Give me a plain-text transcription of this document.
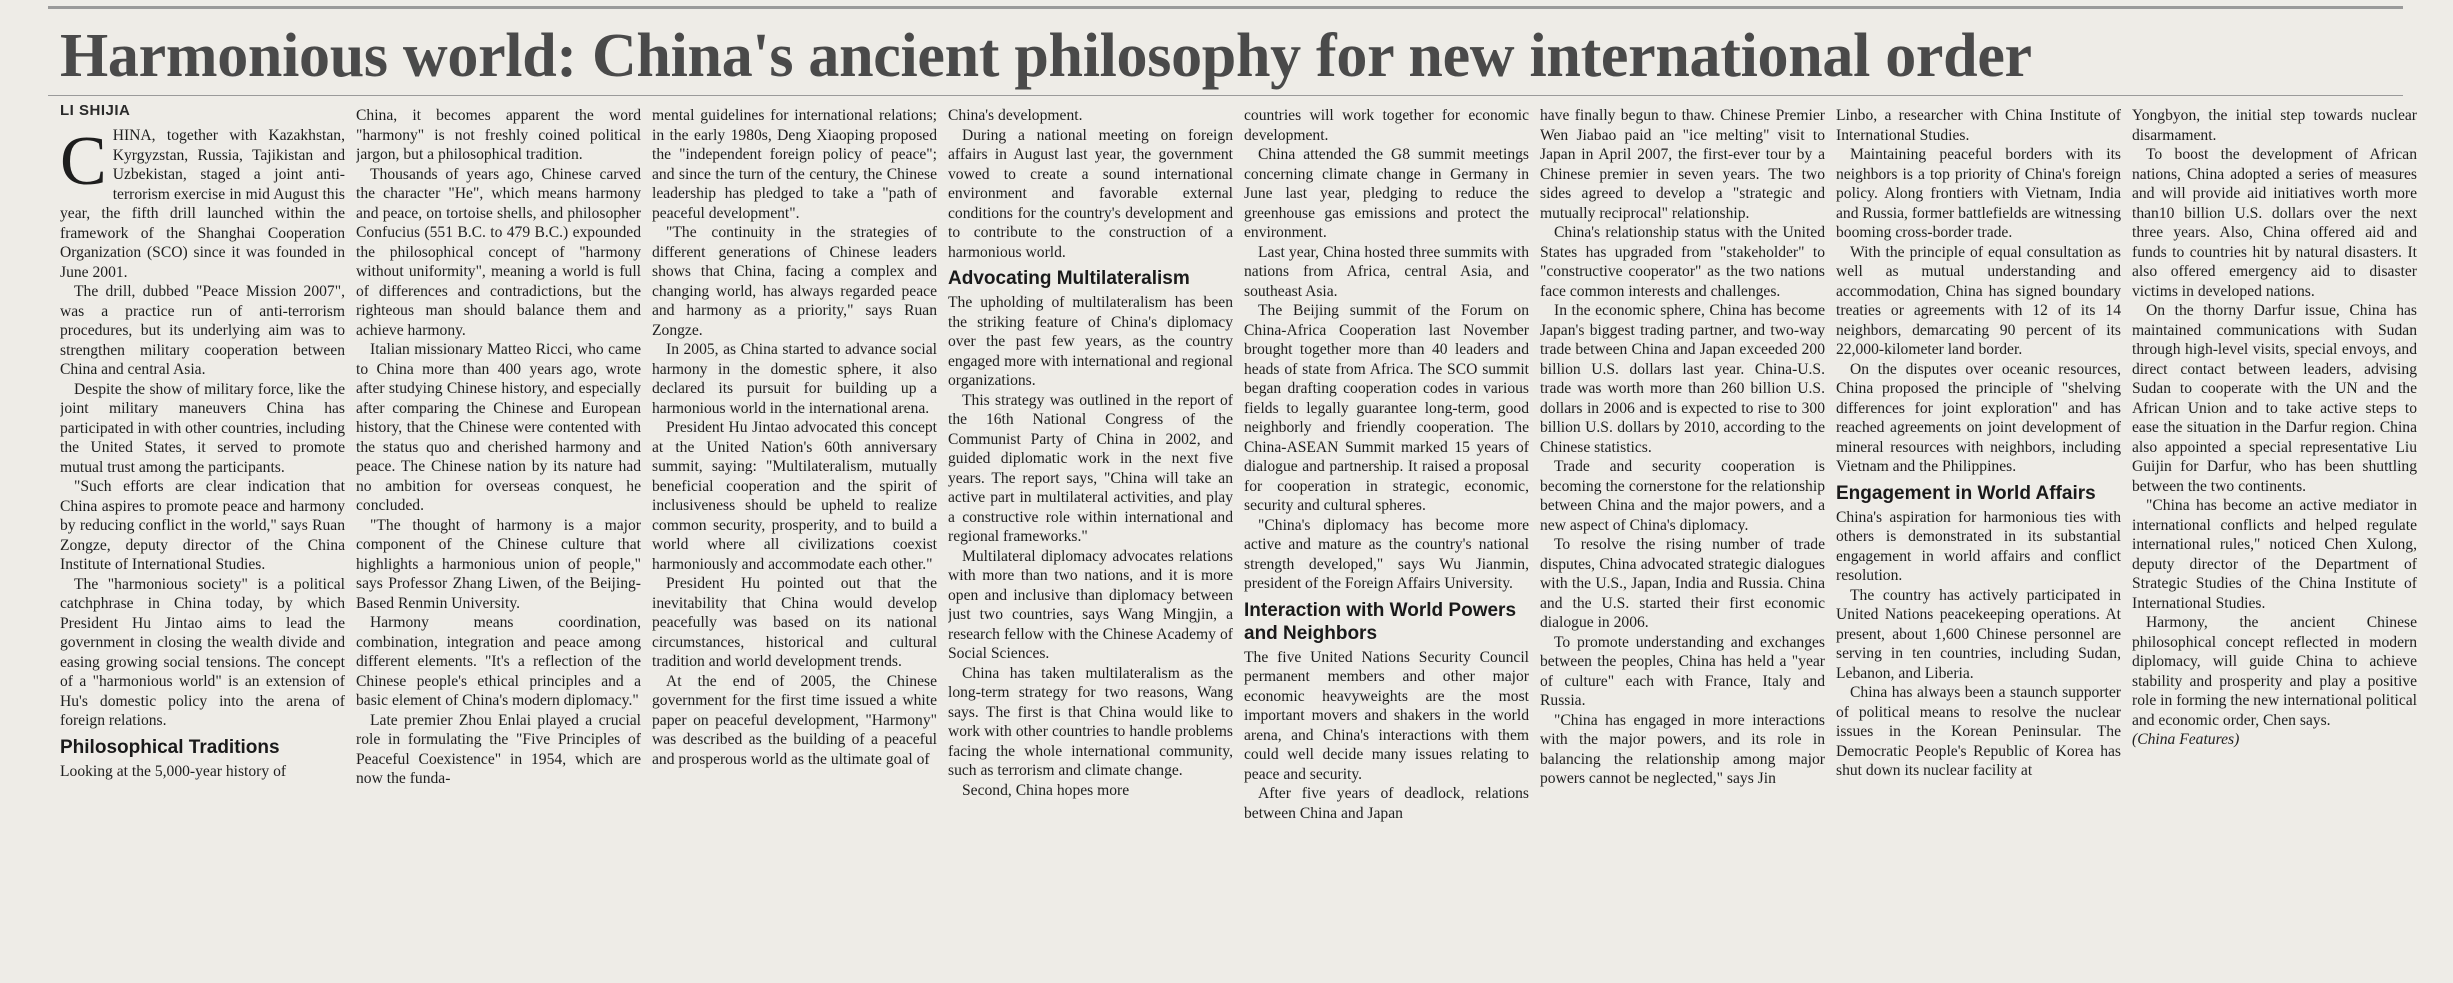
Harmonious world: China's ancient philosophy for new international order
LI SHIJIA

CHINA, together with Kazakhstan, Kyrgyzstan, Russia, Tajikistan and Uzbekistan, staged a joint anti-terrorism exercise in mid August this year, the fifth drill launched within the framework of the Shanghai Cooperation Organization (SCO) since it was founded in June 2001.

The drill, dubbed "Peace Mission 2007", was a practice run of anti-terrorism procedures, but its underlying aim was to strengthen military cooperation between China and central Asia.

Despite the show of military force, like the joint military maneuvers China has participated in with other countries, including the United States, it served to promote mutual trust among the participants.

"Such efforts are clear indication that China aspires to promote peace and harmony by reducing conflict in the world," says Ruan Zongze, deputy director of the China Institute of International Studies.

The "harmonious society" is a political catchphrase in China today, by which President Hu Jintao aims to lead the government in closing the wealth divide and easing growing social tensions. The concept of a "harmonious world" is an extension of Hu's domestic policy into the arena of foreign relations.

Philosophical Traditions

Looking at the 5,000-year history of

China, it becomes apparent the word "harmony" is not freshly coined political jargon, but a philosophical tradition.

Thousands of years ago, Chinese carved the character "He", which means harmony and peace, on tortoise shells, and philosopher Confucius (551 B.C. to 479 B.C.) expounded the philosophical concept of "harmony without uniformity", meaning a world is full of differences and contradictions, but the righteous man should balance them and achieve harmony.

Italian missionary Matteo Ricci, who came to China more than 400 years ago, wrote after studying Chinese history, and especially after comparing the Chinese and European history, that the Chinese were contented with the status quo and cherished harmony and peace. The Chinese nation by its nature had no ambition for overseas conquest, he concluded.

"The thought of harmony is a major component of the Chinese culture that highlights a harmonious union of people," says Professor Zhang Liwen, of the Beijing-Based Renmin University.

Harmony means coordination, combination, integration and peace among different elements. "It's a reflection of the Chinese people's ethical principles and a basic element of China's modern diplomacy."

Late premier Zhou Enlai played a crucial role in formulating the "Five Principles of Peaceful Coexistence" in 1954, which are now the funda-

mental guidelines for international relations; in the early 1980s, Deng Xiaoping proposed the "independent foreign policy of peace"; and since the turn of the century, the Chinese leadership has pledged to take a "path of peaceful development".

"The continuity in the strategies of different generations of Chinese leaders shows that China, facing a complex and changing world, has always regarded peace and harmony as a priority," says Ruan Zongze.

In 2005, as China started to advance social harmony in the domestic sphere, it also declared its pursuit for building up a harmonious world in the international arena.

President Hu Jintao advocated this concept at the United Nation's 60th anniversary summit, saying: "Multilateralism, mutually beneficial cooperation and the spirit of inclusiveness should be upheld to realize common security, prosperity, and to build a world where all civilizations coexist harmoniously and accommodate each other."

President Hu pointed out that the inevitability that China would develop peacefully was based on its national circumstances, historical and cultural tradition and world development trends.

At the end of 2005, the Chinese government for the first time issued a white paper on peaceful development, "Harmony" was described as the building of a peaceful and prosperous world as the ultimate goal of

China's development.

During a national meeting on foreign affairs in August last year, the government vowed to create a sound international environment and favorable external conditions for the country's development and to contribute to the construction of a harmonious world.

Advocating Multilateralism

The upholding of multilateralism has been the striking feature of China's diplomacy over the past few years, as the country engaged more with international and regional organizations.

This strategy was outlined in the report of the 16th National Congress of the Communist Party of China in 2002, and guided diplomatic work in the next five years. The report says, "China will take an active part in multilateral activities, and play a constructive role within international and regional frameworks."

Multilateral diplomacy advocates relations with more than two nations, and it is more open and inclusive than diplomacy between just two countries, says Wang Mingjin, a research fellow with the Chinese Academy of Social Sciences.

China has taken multilateralism as the long-term strategy for two reasons, Wang says. The first is that China would like to work with other countries to handle problems facing the whole international community, such as terrorism and climate change.

Second, China hopes more

countries will work together for economic development.

China attended the G8 summit meetings concerning climate change in Germany in June last year, pledging to reduce the greenhouse gas emissions and protect the environment.

Last year, China hosted three summits with nations from Africa, central Asia, and southeast Asia.

The Beijing summit of the Forum on China-Africa Cooperation last November brought together more than 40 leaders and heads of state from Africa. The SCO summit began drafting cooperation codes in various fields to legally guarantee long-term, good neighborly and friendly cooperation. The China-ASEAN Summit marked 15 years of dialogue and partnership. It raised a proposal for cooperation in strategic, economic, security and cultural spheres.

"China's diplomacy has become more active and mature as the country's national strength developed," says Wu Jianmin, president of the Foreign Affairs University.

Interaction with World Powers and Neighbors

The five United Nations Security Council permanent members and other major economic heavyweights are the most important movers and shakers in the world arena, and China's interactions with them could well decide many issues relating to peace and security.

After five years of deadlock, relations between China and Japan

have finally begun to thaw. Chinese Premier Wen Jiabao paid an "ice melting" visit to Japan in April 2007, the first-ever tour by a Chinese premier in seven years. The two sides agreed to develop a "strategic and mutually reciprocal" relationship.

China's relationship status with the United States has upgraded from "stakeholder" to "constructive cooperator" as the two nations face common interests and challenges.

In the economic sphere, China has become Japan's biggest trading partner, and two-way trade between China and Japan exceeded 200 billion U.S. dollars last year. China-U.S. trade was worth more than 260 billion U.S. dollars in 2006 and is expected to rise to 300 billion U.S. dollars by 2010, according to the Chinese statistics.

Trade and security cooperation is becoming the cornerstone for the relationship between China and the major powers, and a new aspect of China's diplomacy.

To resolve the rising number of trade disputes, China advocated strategic dialogues with the U.S., Japan, India and Russia. China and the U.S. started their first economic dialogue in 2006.

To promote understanding and exchanges between the peoples, China has held a "year of culture" each with France, Italy and Russia.

"China has engaged in more interactions with the major powers, and its role in balancing the relationship among major powers cannot be neglected," says Jin

Linbo, a researcher with China Institute of International Studies.

Maintaining peaceful borders with its neighbors is a top priority of China's foreign policy. Along frontiers with Vietnam, India and Russia, former battlefields are witnessing booming cross-border trade.

With the principle of equal consultation as well as mutual understanding and accommodation, China has signed boundary treaties or agreements with 12 of its 14 neighbors, demarcating 90 percent of its 22,000-kilometer land border.

On the disputes over oceanic resources, China proposed the principle of "shelving differences for joint exploration" and has reached agreements on joint development of mineral resources with neighbors, including Vietnam and the Philippines.

Engagement in World Affairs

China's aspiration for harmonious ties with others is demonstrated in its substantial engagement in world affairs and conflict resolution.

The country has actively participated in United Nations peacekeeping operations. At present, about 1,600 Chinese personnel are serving in ten countries, including Sudan, Lebanon, and Liberia.

China has always been a staunch supporter of political means to resolve the nuclear issues in the Korean Peninsular. The Democratic People's Republic of Korea has shut down its nuclear facility at

Yongbyon, the initial step towards nuclear disarmament.

To boost the development of African nations, China adopted a series of measures and will provide aid initiatives worth more than10 billion U.S. dollars over the next three years. Also, China offered aid and funds to countries hit by natural disasters. It also offered emergency aid to disaster victims in developed nations.

On the thorny Darfur issue, China has maintained communications with Sudan through high-level visits, special envoys, and direct contact between leaders, advising Sudan to cooperate with the UN and the African Union and to take active steps to ease the situation in the Darfur region. China also appointed a special representative Liu Guijin for Darfur, who has been shuttling between the two continents.

"China has become an active mediator in international conflicts and helped regulate international rules," noticed Chen Xulong, deputy director of the Department of Strategic Studies of the China Institute of International Studies.

Harmony, the ancient Chinese philosophical concept reflected in modern diplomacy, will guide China to achieve stability and prosperity and play a positive role in forming the new international political and economic order, Chen says.

(China Features)
